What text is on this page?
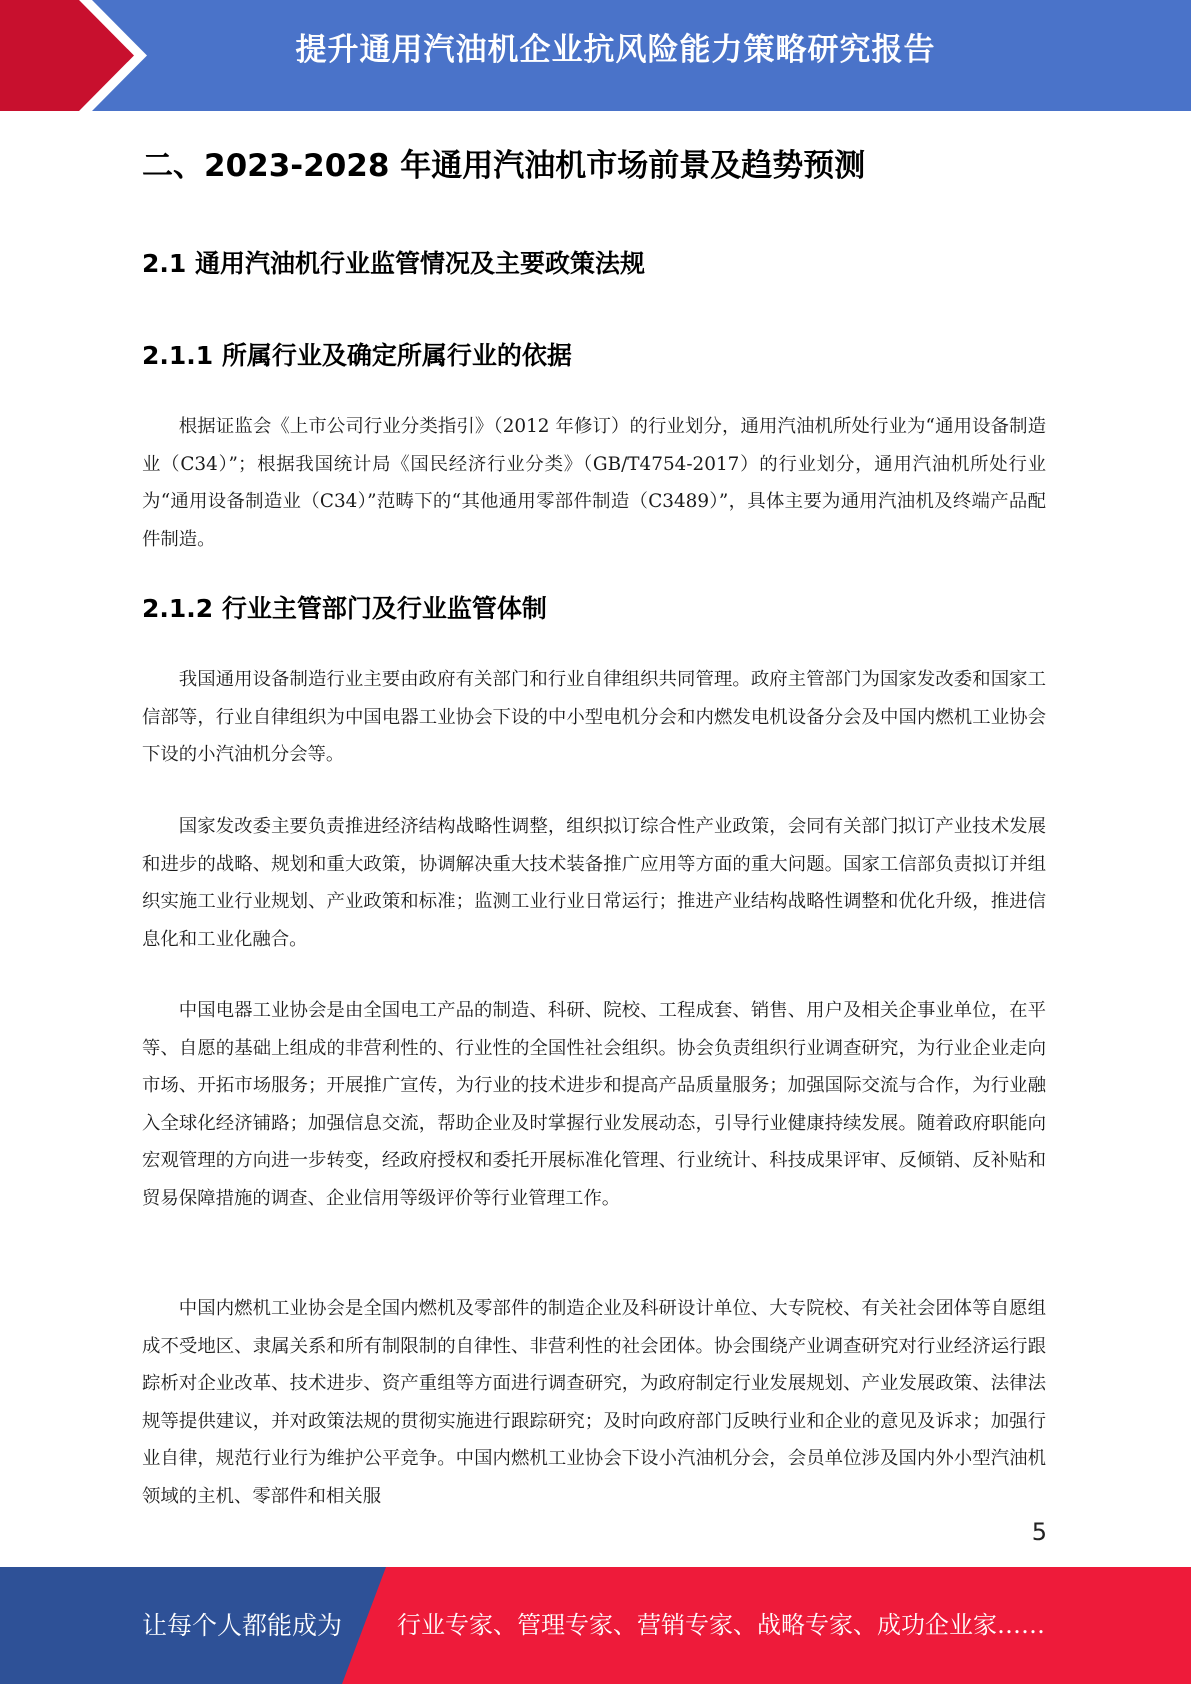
提升通用汽油机企业抗风险能力策略研究报告
二、2023-2028 年通用汽油机市场前景及趋势预测
2.1 通用汽油机行业监管情况及主要政策法规
2.1.1 所属行业及确定所属行业的依据

根据证监会《上市公司行业分类指引》（2012 年修订）的行业划分，通用汽油机所处行业为“通用设备制造业（C34）”；根据我国统计局《国民经济行业分类》（GB/T4754-2017）的行业划分，通用汽油机所处行业为“通用设备制造业（C34）”范畴下的“其他通用零部件制造（C3489）”，具体主要为通用汽油机及终端产品配件制造。

2.1.2 行业主管部门及行业监管体制

我国通用设备制造行业主要由政府有关部门和行业自律组织共同管理。政府主管部门为国家发改委和国家工信部等，行业自律组织为中国电器工业协会下设的中小型电机分会和内燃发电机设备分会及中国内燃机工业协会下设的小汽油机分会等。

国家发改委主要负责推进经济结构战略性调整，组织拟订综合性产业政策，会同有关部门拟订产业技术发展和进步的战略、规划和重大政策，协调解决重大技术装备推广应用等方面的重大问题。国家工信部负责拟订并组织实施工业行业规划、产业政策和标准；监测工业行业日常运行；推进产业结构战略性调整和优化升级，推进信息化和工业化融合。

中国电器工业协会是由全国电工产品的制造、科研、院校、工程成套、销售、用户及相关企事业单位，在平等、自愿的基础上组成的非营利性的、行业性的全国性社会组织。协会负责组织行业调查研究，为行业企业走向市场、开拓市场服务；开展推广宣传，为行业的技术进步和提高产品质量服务；加强国际交流与合作，为行业融入全球化经济铺路；加强信息交流，帮助企业及时掌握行业发展动态，引导行业健康持续发展。随着政府职能向宏观管理的方向进一步转变，经政府授权和委托开展标准化管理、行业统计、科技成果评审、反倾销、反补贴和贸易保障措施的调查、企业信用等级评价等行业管理工作。

中国内燃机工业协会是全国内燃机及零部件的制造企业及科研设计单位、大专院校、有关社会团体等自愿组成不受地区、隶属关系和所有制限制的自律性、非营利性的社会团体。协会围绕产业调查研究对行业经济运行跟踪析对企业改革、技术进步、资产重组等方面进行调查研究，为政府制定行业发展规划、产业发展政策、法律法规等提供建议，并对政策法规的贯彻实施进行跟踪研究；及时向政府部门反映行业和企业的意见及诉求；加强行业自律，规范行业行为维护公平竞争。中国内燃机工业协会下设小汽油机分会，会员单位涉及国内外小型汽油机领域的主机、零部件和相关服

5
让每个人都能成为 行业专家、管理专家、营销专家、战略专家、成功企业家……
